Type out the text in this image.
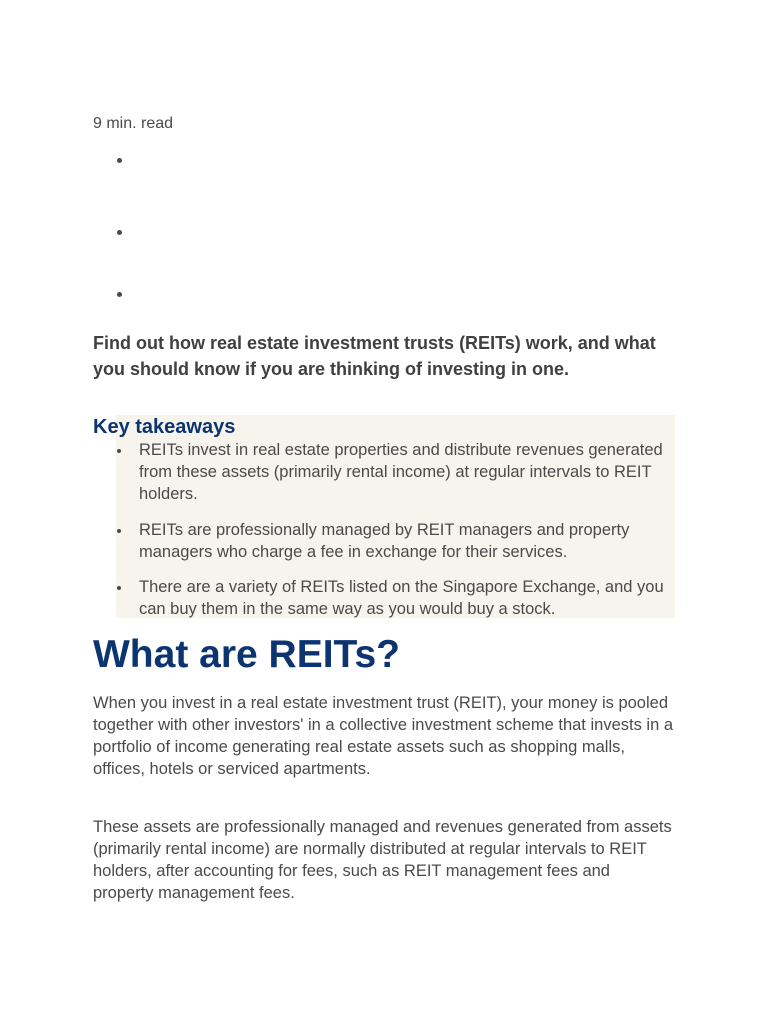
9 min. read

Find out how real estate investment trusts (REITs) work, and what you should know if you are thinking of investing in one.

Key takeaways
REITs invest in real estate properties and distribute revenues generated from these assets (primarily rental income) at regular intervals to REIT holders.
REITs are professionally managed by REIT managers and property managers who charge a fee in exchange for their services.
There are a variety of REITs listed on the Singapore Exchange, and you can buy them in the same way as you would buy a stock.
What are REITs?

When you invest in a real estate investment trust (REIT), your money is pooled together with other investors' in a collective investment scheme that invests in a portfolio of income generating real estate assets such as shopping malls, offices, hotels or serviced apartments.

These assets are professionally managed and revenues generated from assets (primarily rental income) are normally distributed at regular intervals to REIT holders, after accounting for fees, such as REIT management fees and property management fees.
